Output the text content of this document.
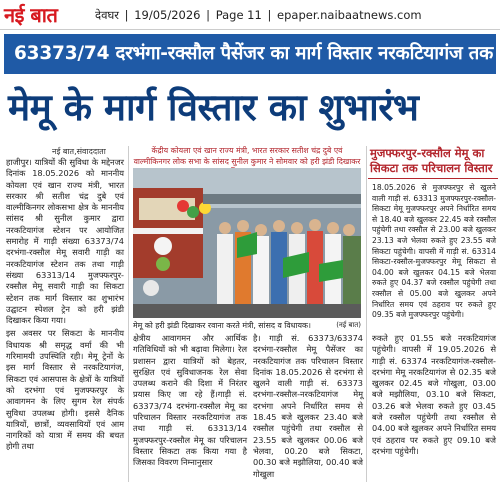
नई बात	देवघर | 19/05/2026 | Page 11 | epaper.naibaatnews.com
63373/74 दरभंगा-रक्सौल पैसेंजर का मार्ग विस्तार नरकटियागंज तक
मेमू के मार्ग विस्तार का शुभारंभ
नई बात,संवाददाता

हाजीपुर। यात्रियों की सुविधा के मद्देनजर दिनांक 18.05.2026 को माननीय कोयला एवं खान राज्य मंत्री, भारत सरकार श्री सतीश चंद्र दुबे एवं वाल्मीकिनगर लोकसभा क्षेत्र के माननीय सांसद श्री सुनील कुमार द्वारा नरकटियागंज स्टेशन पर आयोजित समारोह में गाड़ी संख्या 63373/74 दरभंगा-रक्सौल मेमू सवारी गाड़ी का नरकटियागंज स्टेशन तक तथा गाड़ी संख्या 63313/14 मुजफ्फरपुर-रक्सौल मेमू सवारी गाड़ी का सिकटा स्टेशन तक मार्ग विस्तार का शुभारंभ उद्घाटन स्पेशल ट्रेन को हरी झंडी दिखाकर किया गया।

इस अवसर पर सिकटा के माननीय विधायक श्री समृद्ध वर्मा की भी गरिमामयी उपस्थिति रही। मेमू ट्रेनों के इस मार्ग विस्तार से नरकटियागंज, सिकटा एवं आसपास के क्षेत्रों के यात्रियों को दरभंगा एवं मुजफ्फरपुर के आवागमन के लिए सुगम रेल संपर्क सुविधा उपलब्ध होगी। इससे दैनिक यात्रियों, छात्रों, व्यवसायियों एवं आम नागरिकों को यात्रा में समय की बचत होगी तथा

केंद्रीय कोयला एवं खान राज्य मंत्री, भारत सरकार सतीश चंद्र दुबे एवं वाल्मीकिनगर लोक सभा के सांसद सुनील कुमार ने सोमवार को हरी झंडी दिखाकर
मेमू को हरी झंडी दिखाकर रवाना करते मंत्री, सांसद व विधायक।	(नई बात)
मुजफ्फरपुर-रक्सौल मेमू का सिकटा तक परिचालन विस्तार
18.05.2026 से मुजफ्फरपुर से खुलने वाली गाड़ी सं. 63313 मुजफ्फरपुर-रक्सौल-सिकटा मेमू मुजफ्फरपुर अपने निर्धारित समय से 18.40 बजे खुलकर 22.45 बजे रक्सौल पहुंचेगी तथा रक्सौल से 23.00 बजे खुलकर 23.13 बजे भेलवा रुकते हुए 23.55 बजे सिकटा पहुंचेगी। वापसी में गाड़ी सं. 63314 सिकटा-रक्सौल-मुजफ्फरपुर मेमू सिकटा से 04.00 बजे खुलकर 04.15 बजे भेलवा रुकते हुए 04.37 बजे रक्सौल पहुंचेगी तथा रक्सौल से 05.00 बजे खुलकर अपने निर्धारित समय एवं ठहराव पर रुकते हुए 09.35 बजे मुजफ्फरपुर पहुंचेगी।
क्षेत्रीय आवागमन और आर्थिक गतिविधियों को भी बढ़ावा मिलेगा। रेल प्रशासन द्वारा यात्रियों को बेहतर, सुरक्षित एवं सुविधाजनक रेल सेवा उपलब्ध कराने की दिशा में निरंतर प्रयास किए जा रहे हैं।गाड़ी सं. 63373/74 दरभंगा-रक्सौल मेमू का परिचालन विस्तार नरकटियागंज तक तथा गाड़ी सं. 63313/14 मुजफ्फरपुर-रक्सौल मेमू का परिचालन विस्तार सिकटा तक किया गया है जिसका विवरण निम्नानुसार
है। गाड़ी सं. 63373/63374 दरभंगा-रक्सौल मेमू पैसेंजर का नरकटियागंज तक परिचालन विस्तार दिनांक 18.05.2026 से दरभंगा से खुलने वाली गाड़ी सं. 63373 दरभंगा-रक्सौल-नरकटियागंज मेमू दरभंगा अपने निर्धारित समय से 18.45 बजे खुलकर 23.40 बजे रक्सौल पहुंचेगी तथा रक्सौल से 23.55 बजे खुलकर 00.06 बजे भेलवा, 00.20 बजे सिकटा, 00.30 बजे मझौलिया, 00.40 बजे गोखुला
रुकते हुए 01.55 बजे नरकटियागंज पहुंचेगी। वापसी में 19.05.2026 से गाड़ी सं. 63374 नरकटियागंज-रक्सौल-दरभंगा मेमू नरकटियागंज से 02.35 बजे खुलकर 02.45 बजे गोखुला, 03.00 बजे मझौलिया, 03.10 बजे सिकटा, 03.26 बजे भेलवा रुकते हुए 03.45 बजे रक्सौल पहुंचेगी तथा रक्सौल से 04.00 बजे खुलकर अपने निर्धारित समय एवं ठहराव पर रुकते हुए 09.10 बजे दरभंगा पहुंचेगी।
